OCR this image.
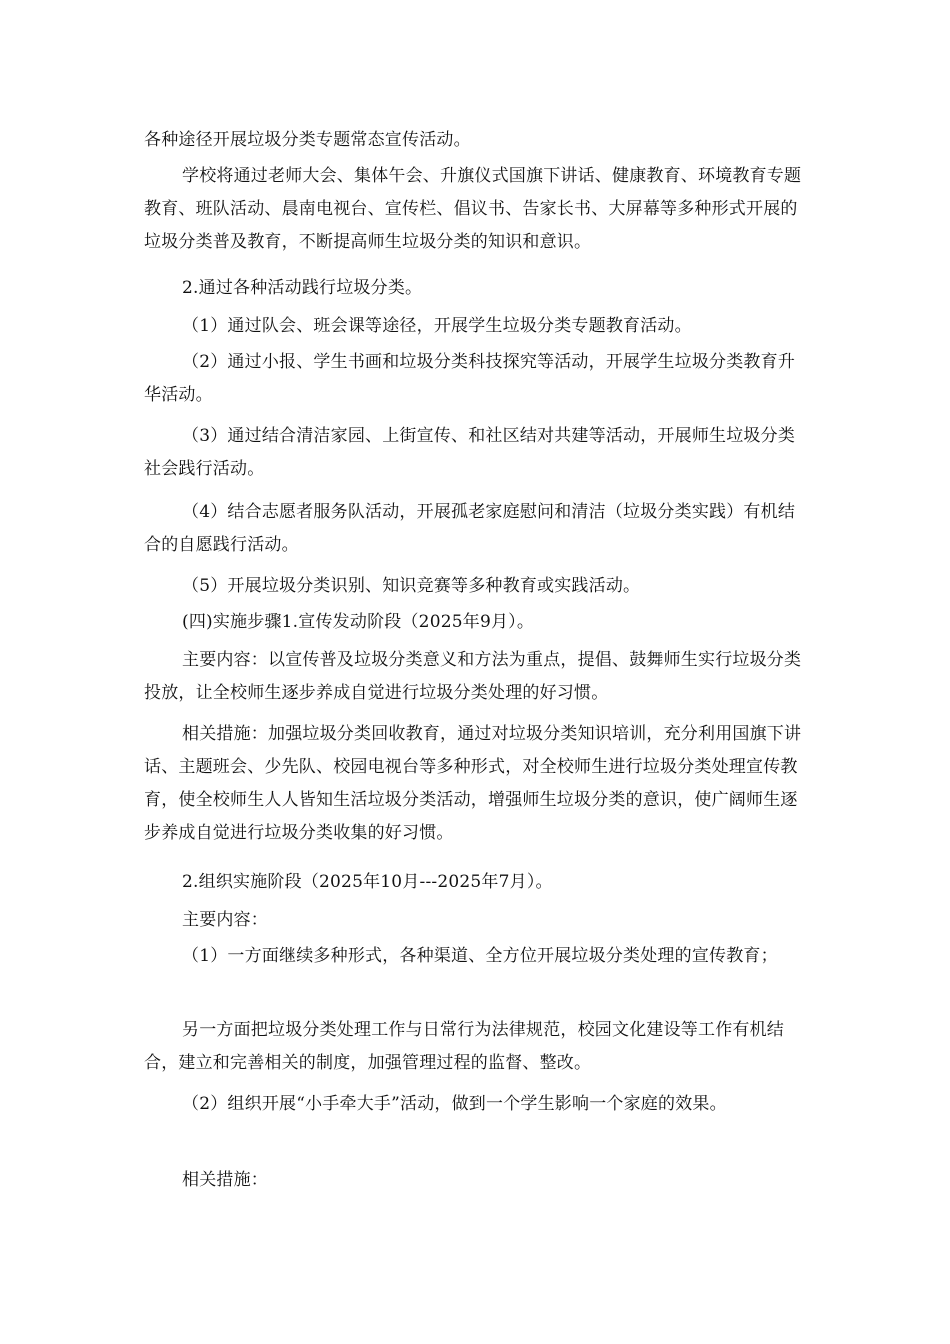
各种途径开展垃圾分类专题常态宣传活动。

学校将通过老师大会、集体午会、升旗仪式国旗下讲话、健康教育、环境教育专题教育、班队活动、晨南电视台、宣传栏、倡议书、告家长书、大屏幕等多种形式开展的垃圾分类普及教育，不断提高师生垃圾分类的知识和意识。

2.通过各种活动践行垃圾分类。

（1）通过队会、班会课等途径，开展学生垃圾分类专题教育活动。

（2）通过小报、学生书画和垃圾分类科技探究等活动，开展学生垃圾分类教育升华活动。

（3）通过结合清洁家园、上街宣传、和社区结对共建等活动，开展师生垃圾分类社会践行活动。

（4）结合志愿者服务队活动，开展孤老家庭慰问和清洁（垃圾分类实践）有机结合的自愿践行活动。

（5）开展垃圾分类识别、知识竞赛等多种教育或实践活动。

(四)实施步骤1.宣传发动阶段（2025年9月）。

主要内容：以宣传普及垃圾分类意义和方法为重点，提倡、鼓舞师生实行垃圾分类投放，让全校师生逐步养成自觉进行垃圾分类处理的好习惯。

相关措施：加强垃圾分类回收教育，通过对垃圾分类知识培训，充分利用国旗下讲话、主题班会、少先队、校园电视台等多种形式，对全校师生进行垃圾分类处理宣传教育，使全校师生人人皆知生活垃圾分类活动，增强师生垃圾分类的意识，使广阔师生逐步养成自觉进行垃圾分类收集的好习惯。

2.组织实施阶段（2025年10月---2025年7月）。

主要内容：

（1）一方面继续多种形式，各种渠道、全方位开展垃圾分类处理的宣传教育；

另一方面把垃圾分类处理工作与日常行为法律规范，校园文化建设等工作有机结合，建立和完善相关的制度，加强管理过程的监督、整改。

（2）组织开展“小手牵大手”活动，做到一个学生影响一个家庭的效果。

相关措施：
